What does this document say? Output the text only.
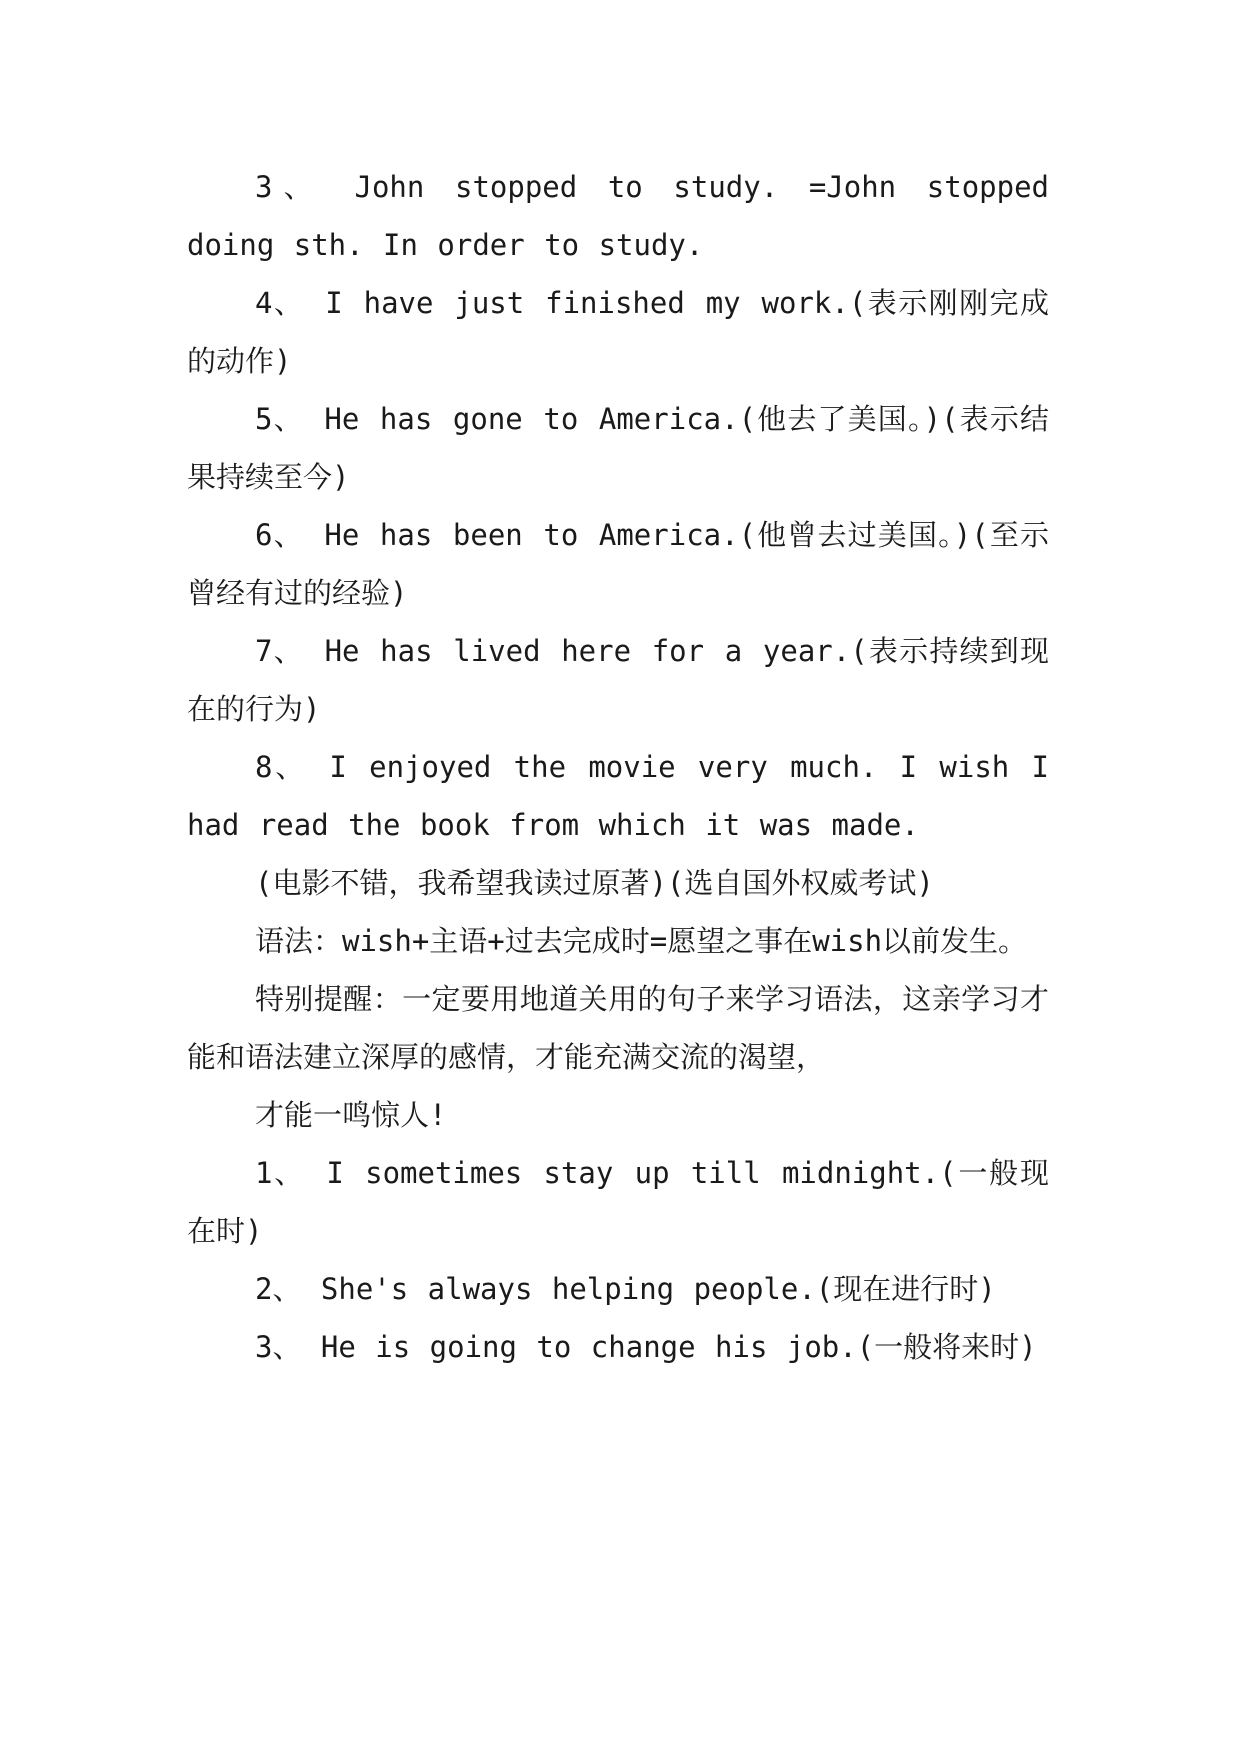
3、 John stopped to study. =John stopped doing sth. In order to study.

4、 I have just finished my work.(表示刚刚完成的动作)

5、 He has gone to America.(他去了美国。)(表示结果持续至今)

6、 He has been to America.(他曾去过美国。)(至示曾经有过的经验)

7、 He has lived here for a year.(表示持续到现在的行为)

8、 I enjoyed the movie very much. I wish I had read the book from which it was made.

(电影不错，我希望我读过原著)(选自国外权威考试)

语法：wish+主语+过去完成时=愿望之事在wish以前发生。

特别提醒：一定要用地道关用的句子来学习语法，这亲学习才能和语法建立深厚的感情，才能充满交流的渴望，

才能一鸣惊人!

1、 I sometimes stay up till midnight.(一般现在时)

2、 She's always helping people.(现在进行时)

3、 He is going to change his job.(一般将来时)
